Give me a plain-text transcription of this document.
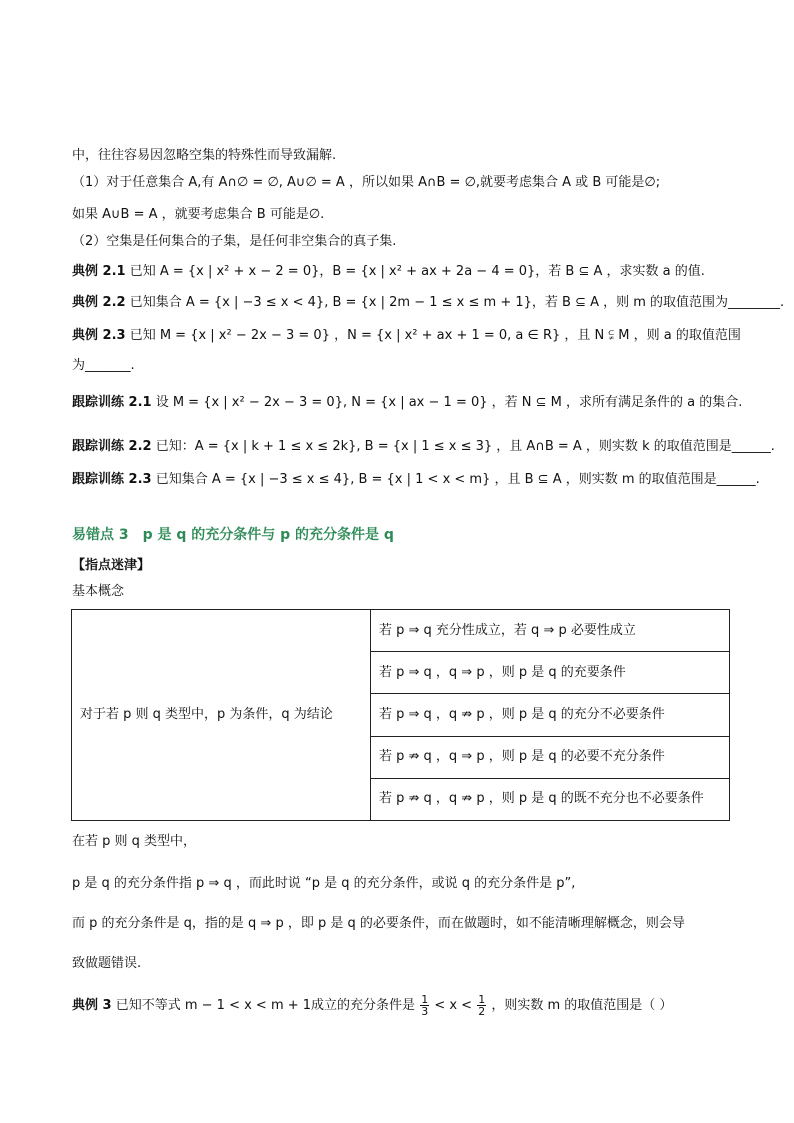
中，往往容易因忽略空集的特殊性而导致漏解.
（1）对于任意集合 A,有 A∩∅ = ∅, A∪∅ = A ，所以如果 A∩B = ∅,就要考虑集合 A 或 B 可能是∅;
如果 A∪B = A ，就要考虑集合 B 可能是∅.
（2）空集是任何集合的子集，是任何非空集合的真子集.
典例 2.1 已知 A = {x | x² + x − 2 = 0}，B = {x | x² + ax + 2a − 4 = 0}，若 B ⊆ A ，求实数 a 的值.
典例 2.2 已知集合 A = {x | −3 ≤ x < 4}, B = {x | 2m − 1 ≤ x ≤ m + 1}，若 B ⊆ A ，则 m 的取值范围为________.
典例 2.3 已知 M = {x | x² − 2x − 3 = 0} ，N = {x | x² + ax + 1 = 0, a ∈ R} ，且 N ⫋ M ，则 a 的取值范围
为_______.
跟踪训练 2.1 设 M = {x | x² − 2x − 3 = 0}, N = {x | ax − 1 = 0} ，若 N ⊆ M ，求所有满足条件的 a 的集合.
跟踪训练 2.2 已知：A = {x | k + 1 ≤ x ≤ 2k}, B = {x | 1 ≤ x ≤ 3} ，且 A∩B = A ，则实数 k 的取值范围是______.
跟踪训练 2.3 已知集合 A = {x | −3 ≤ x ≤ 4}, B = {x | 1 < x < m} ，且 B ⊆ A ，则实数 m 的取值范围是______.
易错点 3　p 是 q 的充分条件与 p 的充分条件是 q
【指点迷津】
基本概念
对于若 p 则 q 类型中，p 为条件，q 为结论	若 p ⇒ q 充分性成立，若 q ⇒ p 必要性成立
若 p ⇒ q ，q ⇒ p ，则 p 是 q 的充要条件
若 p ⇒ q ，q ⇏ p ，则 p 是 q 的充分不必要条件
若 p ⇏ q ，q ⇒ p ，则 p 是 q 的必要不充分条件
若 p ⇏ q ，q ⇏ p ，则 p 是 q 的既不充分也不必要条件
在若 p 则 q 类型中，
p 是 q 的充分条件指 p ⇒ q ，而此时说 “p 是 q 的充分条件，或说 q 的充分条件是 p”,
而 p 的充分条件是 q，指的是 q ⇒ p ，即 p 是 q 的必要条件，而在做题时，如不能清晰理解概念，则会导
致做题错误.
典例 3 已知不等式 m − 1 < x < m + 1成立的充分条件是 $\frac{1}{3} < x < \frac{1}{2}$ ，则实数 m 的取值范围是（ ）
